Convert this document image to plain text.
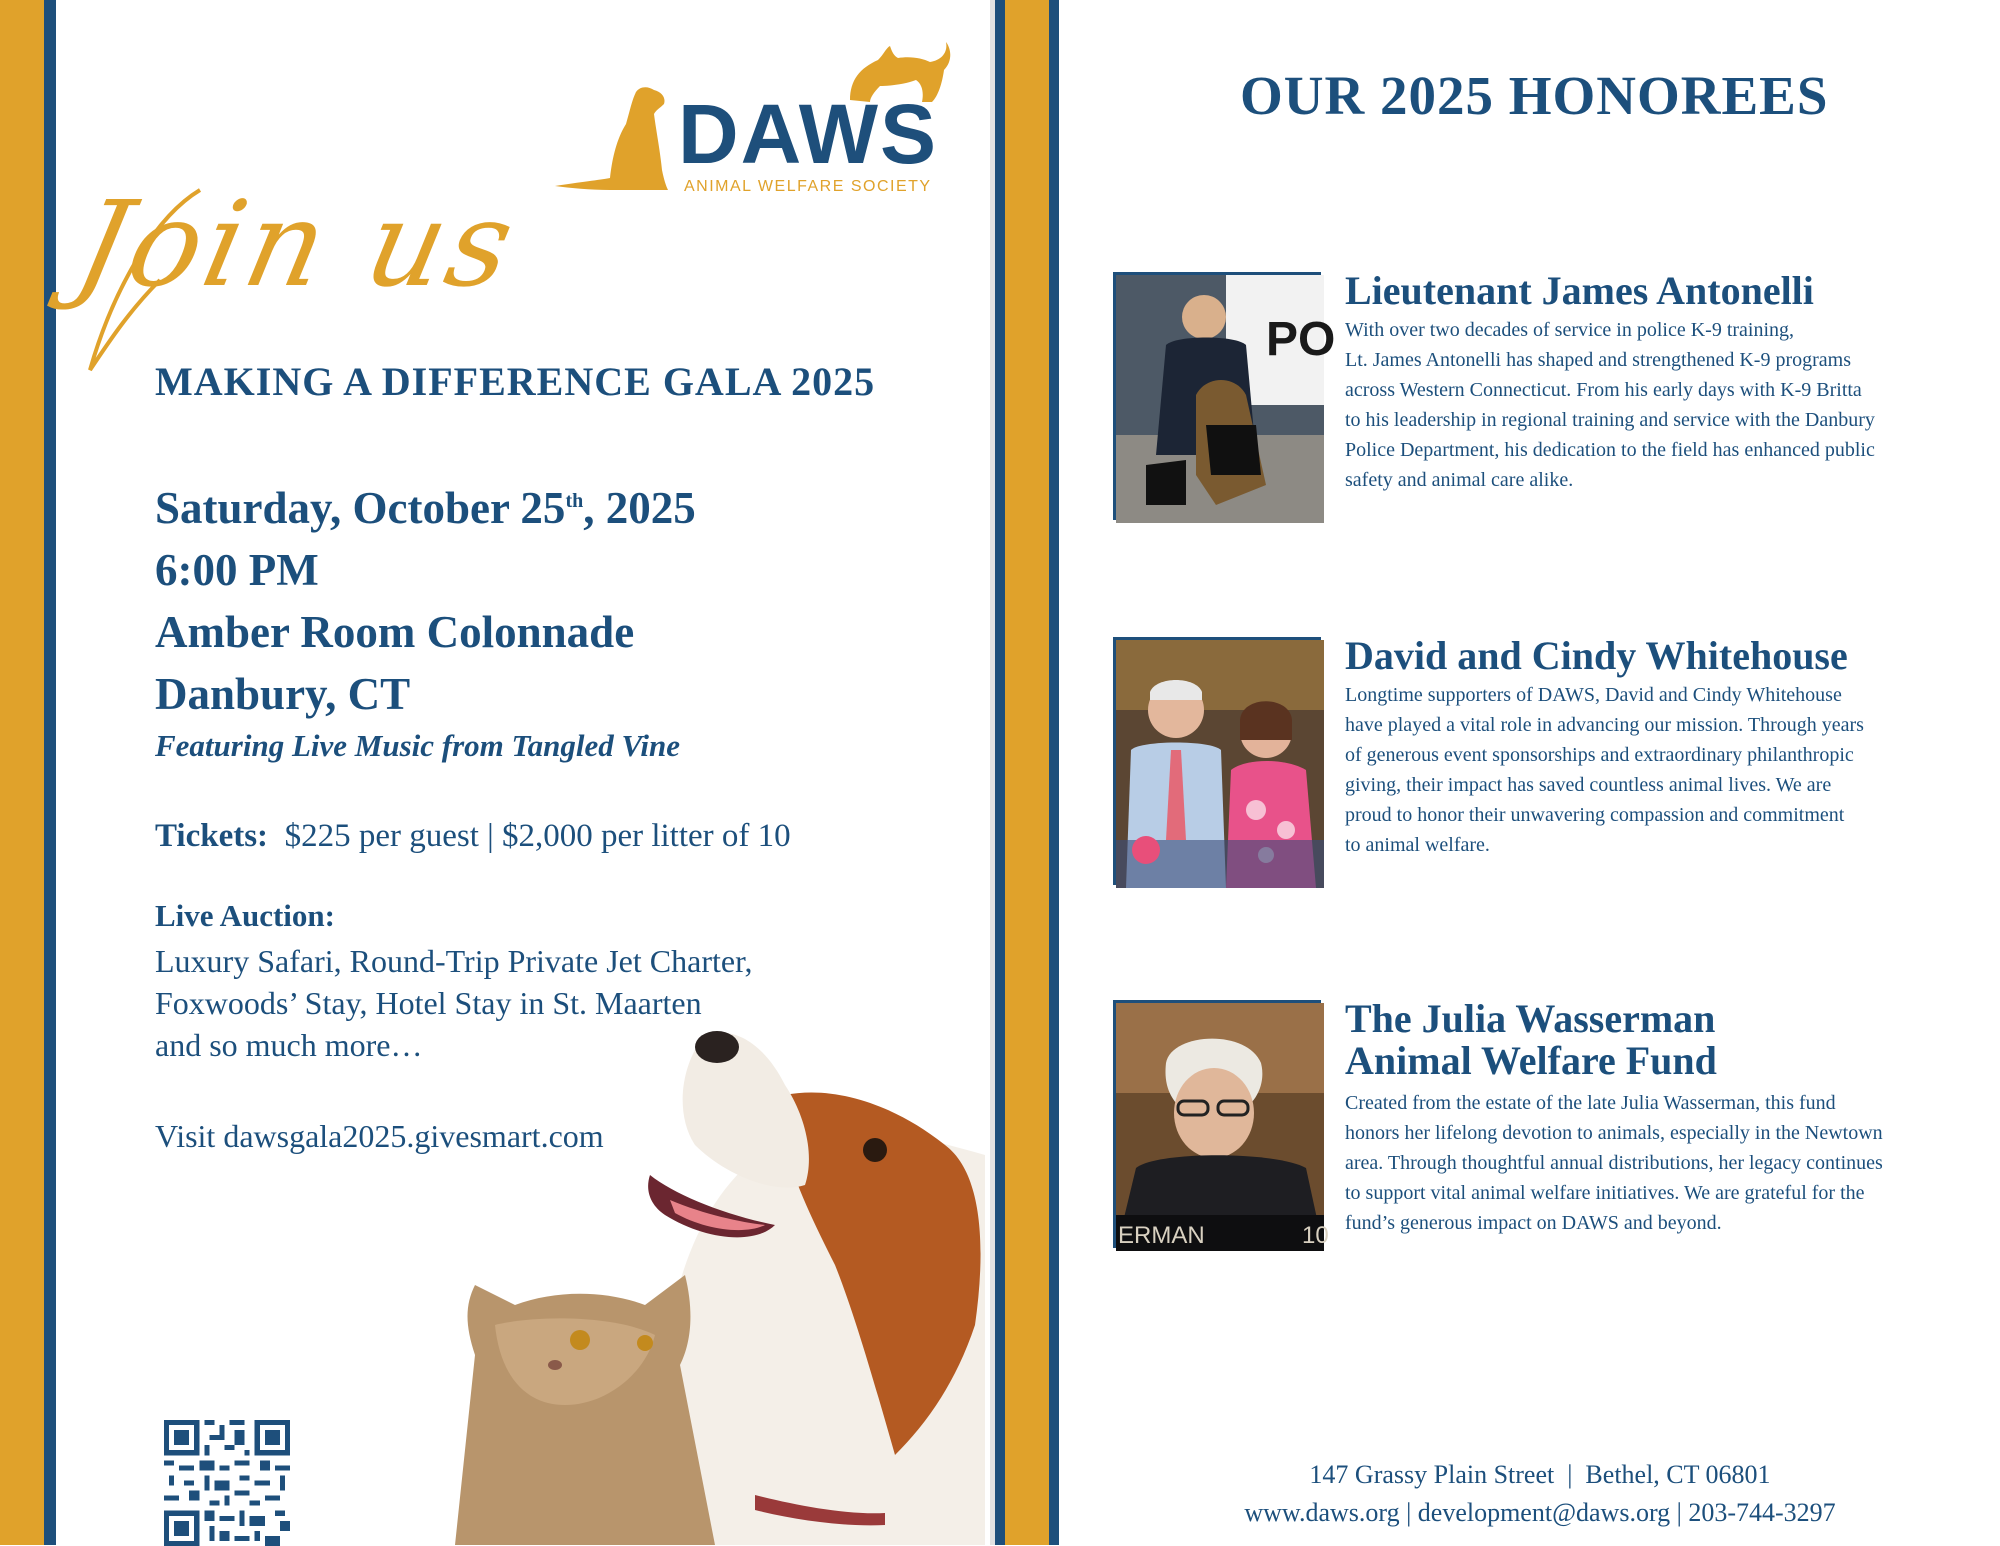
DAWS
ANIMAL WELFARE SOCIETY
Join us
MAKING A DIFFERENCE GALA 2025
Saturday, October 25th, 2025
6:00 PM
Amber Room Colonnade
Danbury, CT
Featuring Live Music from Tangled Vine
Tickets: $225 per guest | $2,000 per litter of 10
Live Auction:
Luxury Safari, Round-Trip Private Jet Charter,
Foxwoods’ Stay, Hotel Stay in St. Maarten
and so much more…
Visit dawsgala2025.givesmart.com
OUR 2025 HONOREES
PO
Lieutenant James Antonelli
With over two decades of service in police K-9 training,
Lt. James Antonelli has shaped and strengthened K-9 programs
across Western Connecticut. From his early days with K-9 Britta
to his leadership in regional training and service with the Danbury
Police Department, his dedication to the field has enhanced public
safety and animal care alike.
David and Cindy Whitehouse
Longtime supporters of DAWS, David and Cindy Whitehouse
have played a vital role in advancing our mission. Through years
of generous event sponsorships and extraordinary philanthropic
giving, their impact has saved countless animal lives. We are
proud to honor their unwavering compassion and commitment
to animal welfare.
ERMAN	10
The Julia Wasserman
Animal Welfare Fund
Created from the estate of the late Julia Wasserman, this fund
honors her lifelong devotion to animals, especially in the Newtown
area. Through thoughtful annual distributions, her legacy continues
to support vital animal welfare initiatives. We are grateful for the
fund’s generous impact on DAWS and beyond.
147 Grassy Plain Street  |  Bethel, CT 06801
www.daws.org | development@daws.org | 203-744-3297
